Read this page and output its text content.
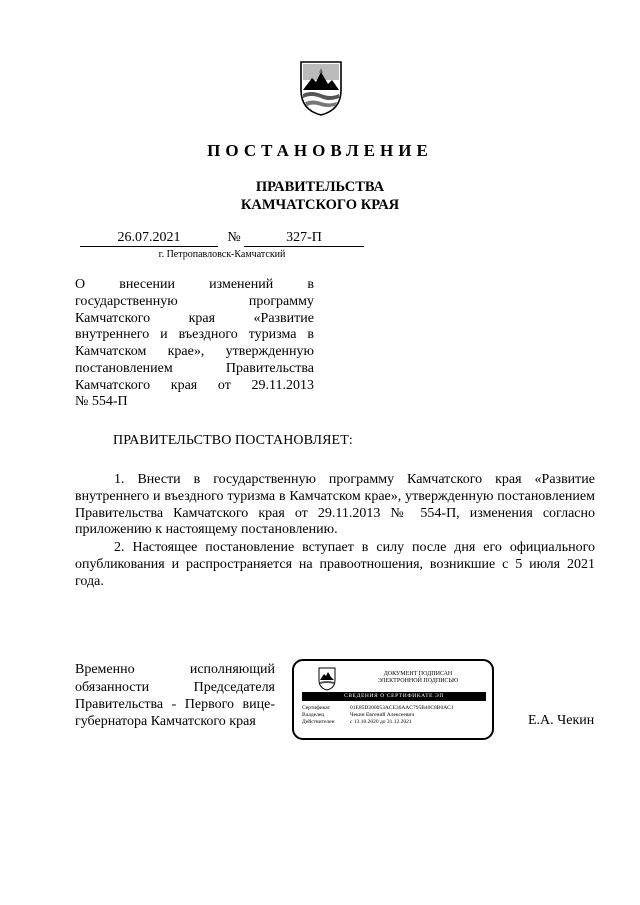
ПОСТАНОВЛЕНИЕ
ПРАВИТЕЛЬСТВА
КАМЧАТСКОГО КРАЯ
26.07.2021	№	327-П
г. Петропавловск-Камчатский
О внесении изменений в государственную программу Камчатского края «Развитие внутреннего и въездного туризма в Камчатском крае», утвержденную постановлением Правительства Камчатского края от 29.11.2013
№ 554-П
ПРАВИТЕЛЬСТВО ПОСТАНОВЛЯЕТ:
1. Внести в государственную программу Камчатского края «Развитие внутреннего и въездного туризма в Камчатском крае», утвержденную постановлением Правительства Камчатского края от 29.11.2013 № 554-П, изменения согласно приложению к настоящему постановлению.
2. Настоящее постановление вступает в силу после дня его официального опубликования и распространяется на правоотношения, возникшие с 5 июля 2021 года.
Временно исполняющий обязанности Председателя Правительства - Первого вице-
губернатора Камчатского края
ДОКУМЕНТ ПОДПИСАН
ЭЛЕКТРОННОЙ ПОДПИСЬЮ
СВЕДЕНИЯ О СЕРТИФИКАТЕ ЭП
Сертификат	01E85D200053ACE36AAC795B40C8B0AC1
Владелец	Чекин Евгений Алексеевич
Действителен	с 13.10.2020 до 31.12.2021	Е.А. Чекин
